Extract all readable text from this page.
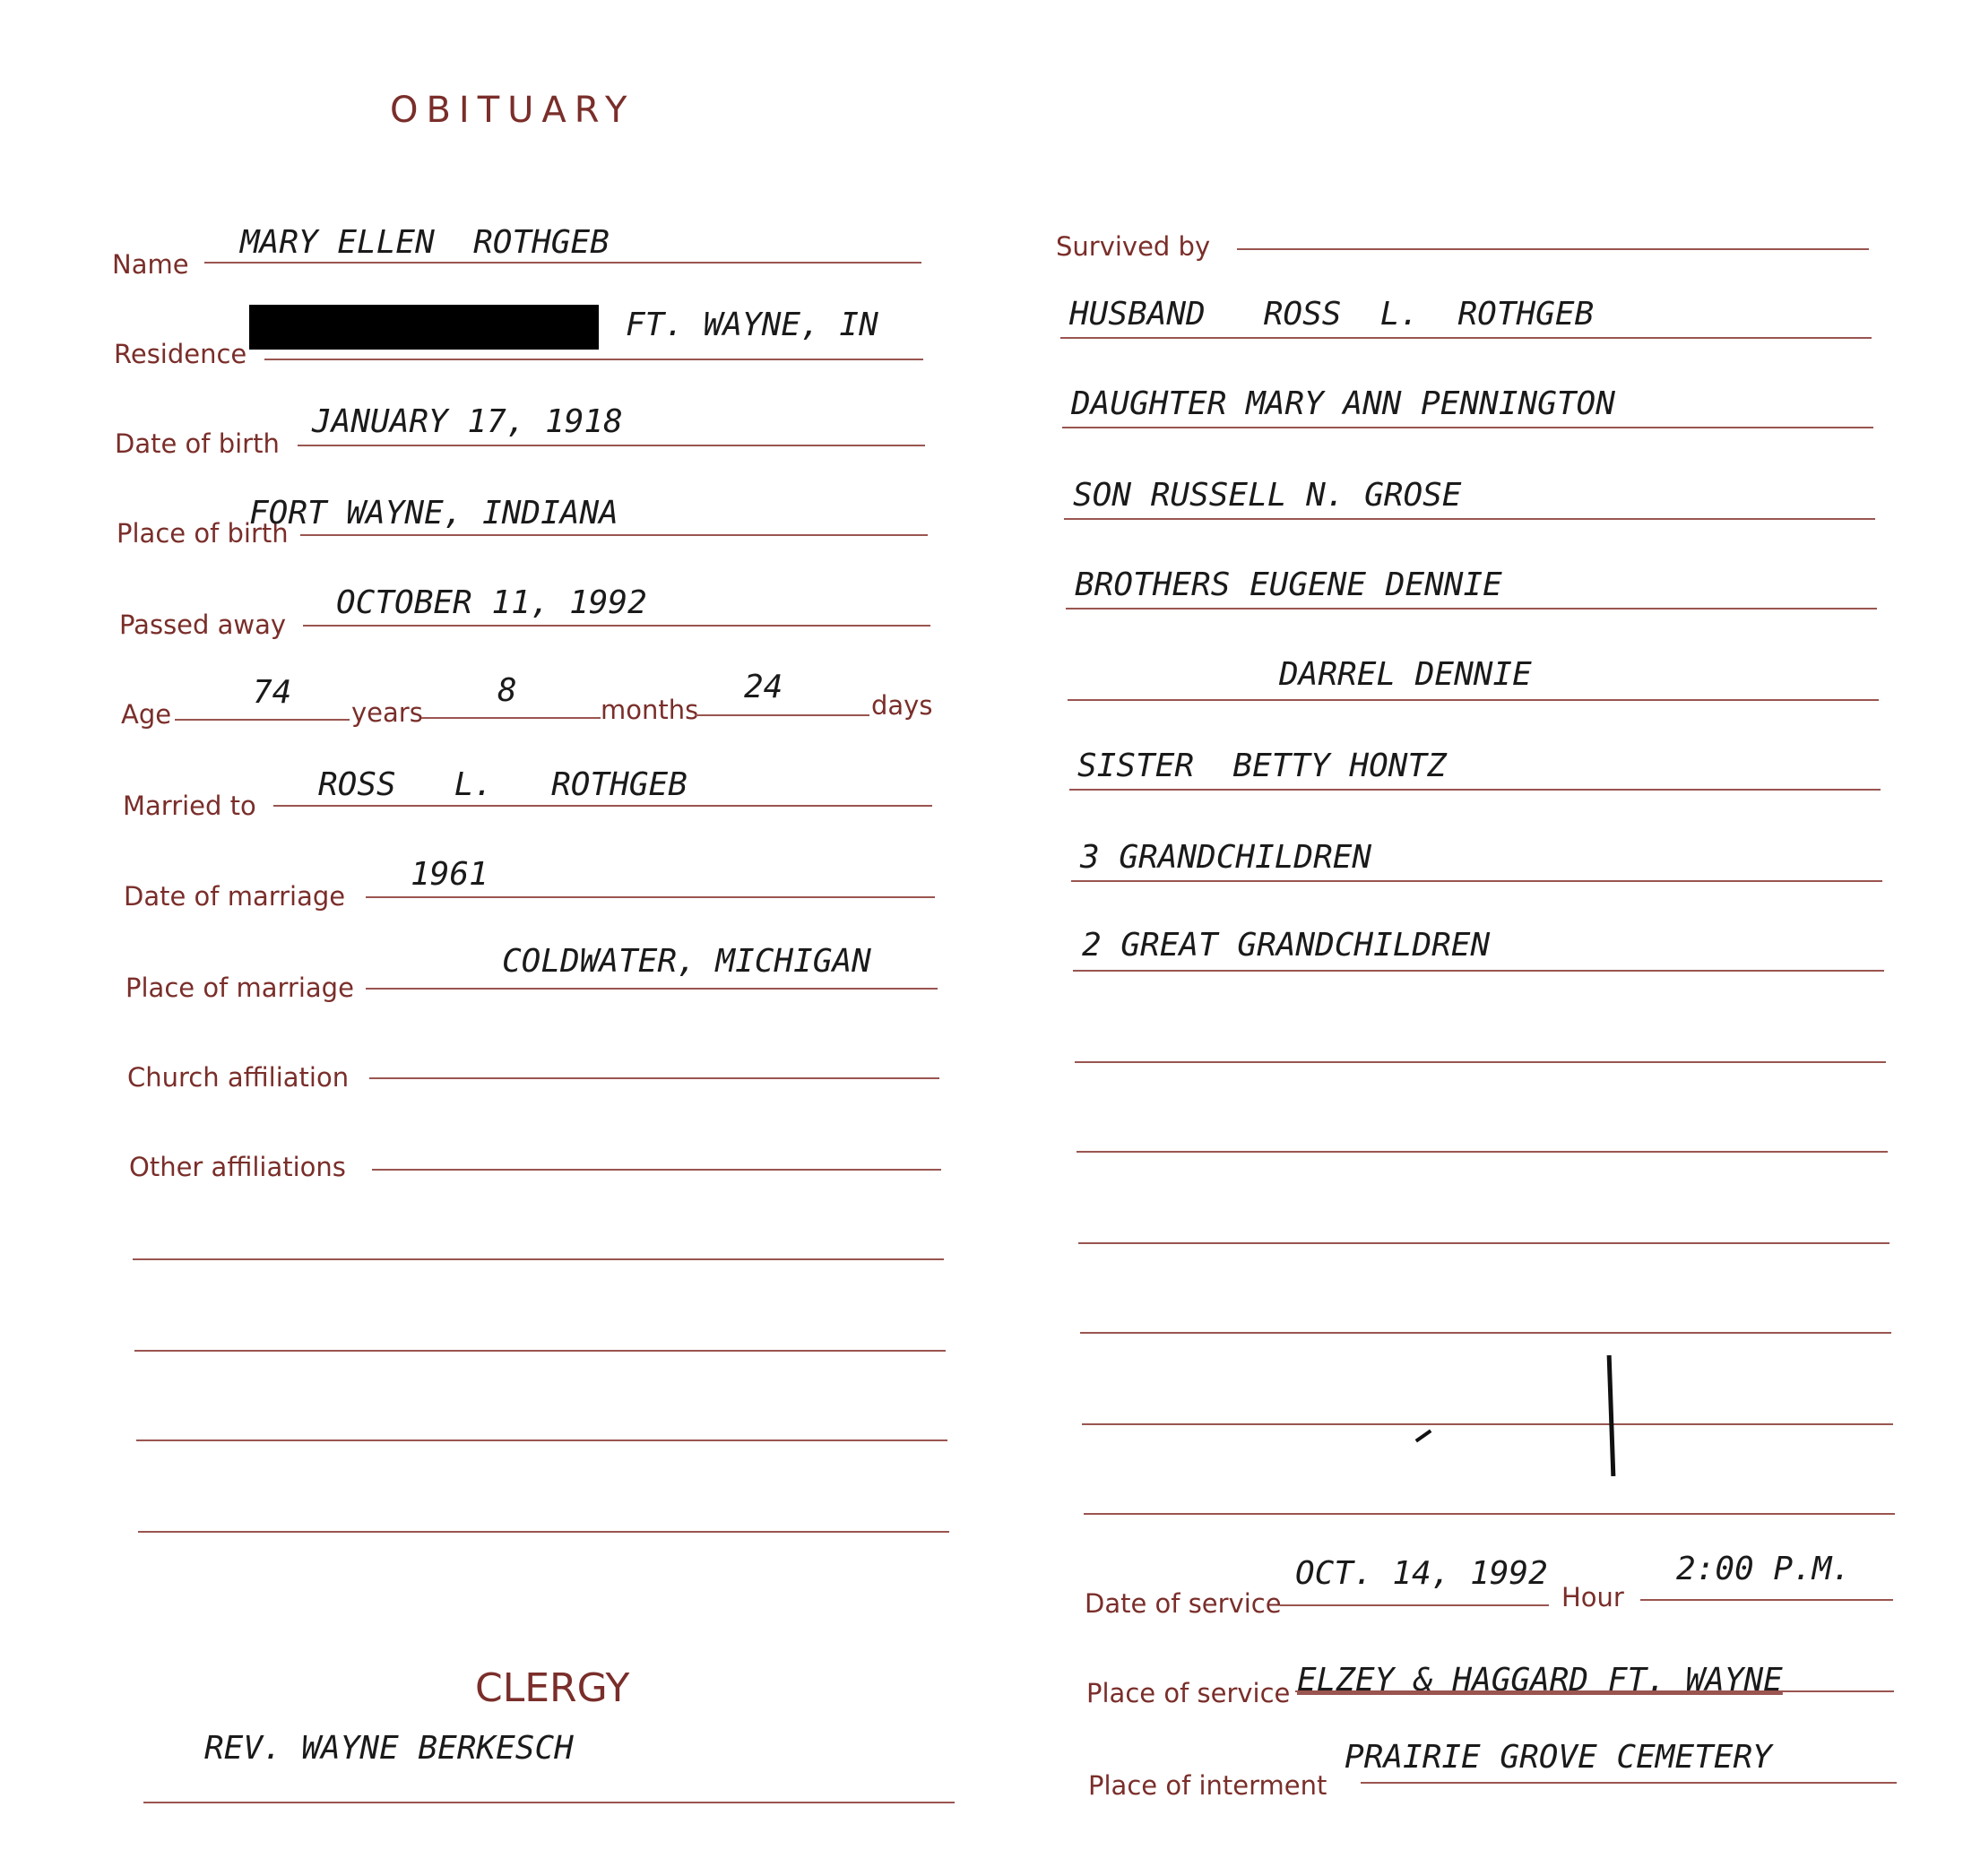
OBITUARY
Name
MARY ELLEN  ROTHGEB
Residence
FT. WAYNE, IN
Date of birth
JANUARY 17, 1918
Place of birth
FORT WAYNE, INDIANA
Passed away
OCTOBER 11, 1992
Age
74
years
8
months
24	days
Married to
ROSS   L.   ROTHGEB
Date of marriage
1961
Place of marriage
COLDWATER, MICHIGAN
Church affiliation
Other affiliations
CLERGY
REV. WAYNE BERKESCH
Survived by
HUSBAND   ROSS  L.  ROTHGEB
DAUGHTER MARY ANN PENNINGTON
SON RUSSELL N. GROSE
BROTHERS EUGENE DENNIE
DARREL DENNIE
SISTER  BETTY HONTZ
3 GRANDCHILDREN
2 GREAT GRANDCHILDREN
Date of service
OCT. 14, 1992
Hour
2:00 P.M.
Place of service ELZEY & HAGGARD FT. WAYNE
Place of interment
PRAIRIE GROVE CEMETERY
